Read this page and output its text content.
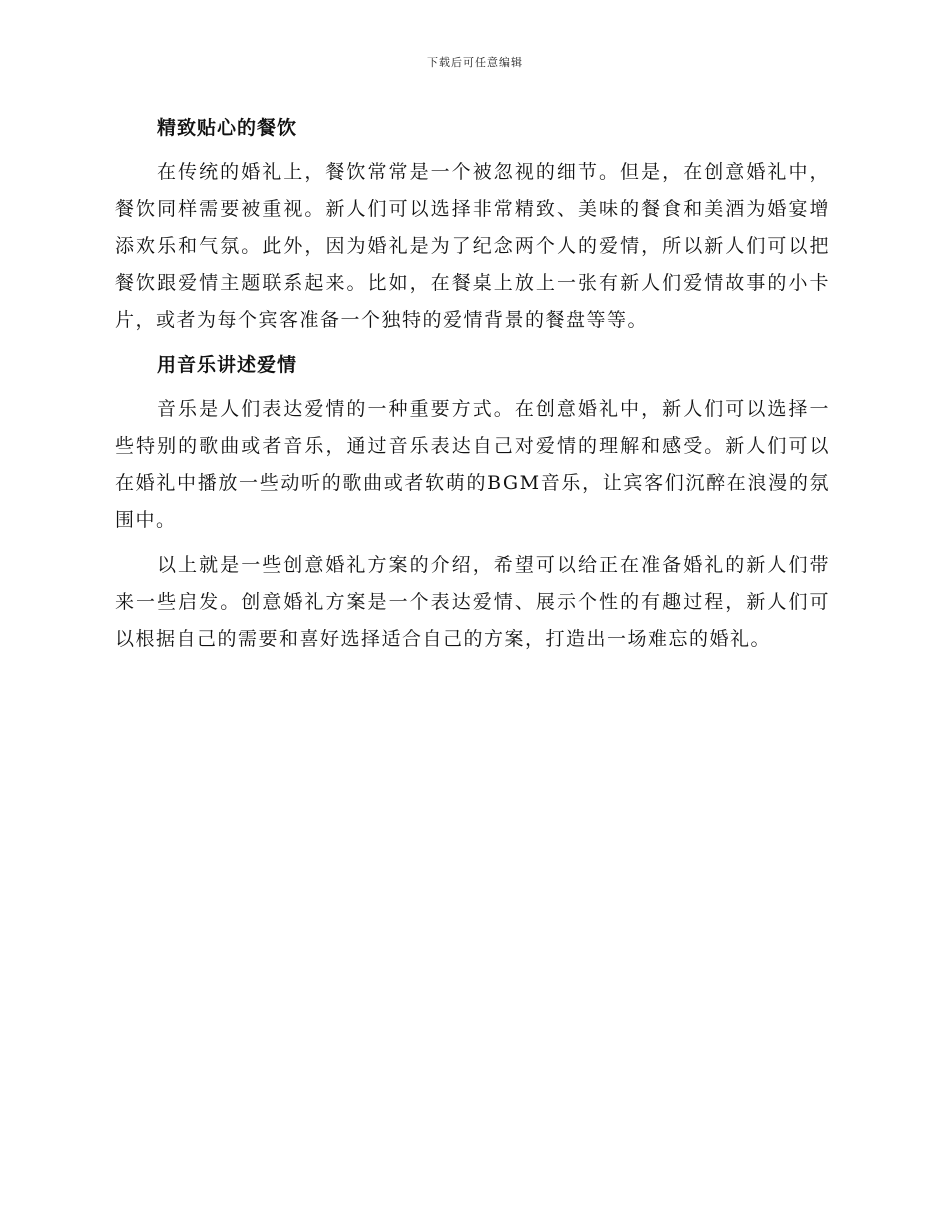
下载后可任意编辑
精致贴心的餐饮

在传统的婚礼上，餐饮常常是一个被忽视的细节。但是，在创意婚礼中，餐饮同样需要被重视。新人们可以选择非常精致、美味的餐食和美酒为婚宴增添欢乐和气氛。此外，因为婚礼是为了纪念两个人的爱情，所以新人们可以把餐饮跟爱情主题联系起来。比如，在餐桌上放上一张有新人们爱情故事的小卡片，或者为每个宾客准备一个独特的爱情背景的餐盘等等。

用音乐讲述爱情

音乐是人们表达爱情的一种重要方式。在创意婚礼中，新人们可以选择一些特别的歌曲或者音乐，通过音乐表达自己对爱情的理解和感受。新人们可以在婚礼中播放一些动听的歌曲或者软萌的BGM音乐，让宾客们沉醉在浪漫的氛围中。

以上就是一些创意婚礼方案的介绍，希望可以给正在准备婚礼的新人们带来一些启发。创意婚礼方案是一个表达爱情、展示个性的有趣过程，新人们可以根据自己的需要和喜好选择适合自己的方案，打造出一场难忘的婚礼。
